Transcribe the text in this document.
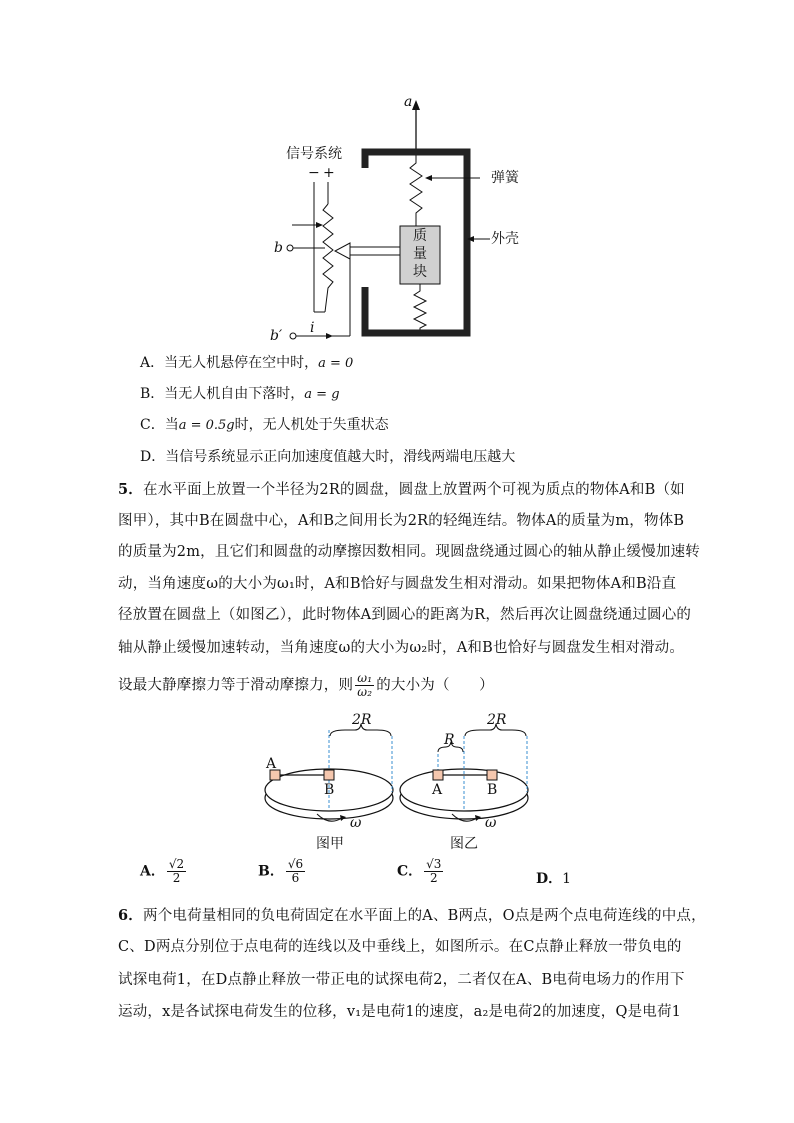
a
信号系统
− +	弹簧
外壳
质
量
块
b
b′ i
A．当无人机悬停在空中时，a = 0
B．当无人机自由下落时，a = g
C．当a = 0.5g时，无人机处于失重状态
D．当信号系统显示正向加速度值越大时，滑线两端电压越大
5．在水平面上放置一个半径为2R的圆盘，圆盘上放置两个可视为质点的物体A和B（如
图甲），其中B在圆盘中心，A和B之间用长为2R的轻绳连结。物体A的质量为m，物体B
的质量为2m，且它们和圆盘的动摩擦因数相同。现圆盘绕通过圆心的轴从静止缓慢加速转
动，当角速度ω的大小为ω₁时，A和B恰好与圆盘发生相对滑动。如果把物体A和B沿直
径放置在圆盘上（如图乙），此时物体A到圆心的距离为R，然后再次让圆盘绕通过圆心的
轴从静止缓慢加速转动，当角速度ω的大小为ω₂时，A和B也恰好与圆盘发生相对滑动。
设最大静摩擦力等于滑动摩擦力，则 $\frac{\text{ω₁}}{\text{ω₂}}$ 的大小为（　　）
2R
A
B
ω
图甲
R
2R
A	B
ω
图乙
A． $\frac{√2}{2}$	B． $\frac{√6}{6}$	C． $\frac{√3}{2}$	D．1
6．两个电荷量相同的负电荷固定在水平面上的A、B两点，O点是两个点电荷连线的中点，
C、D两点分别位于点电荷的连线以及中垂线上，如图所示。在C点静止释放一带负电的
试探电荷1，在D点静止释放一带正电的试探电荷2，二者仅在A、B电荷电场力的作用下
运动，x是各试探电荷发生的位移，v₁是电荷1的速度，a₂是电荷2的加速度，Q是电荷1
